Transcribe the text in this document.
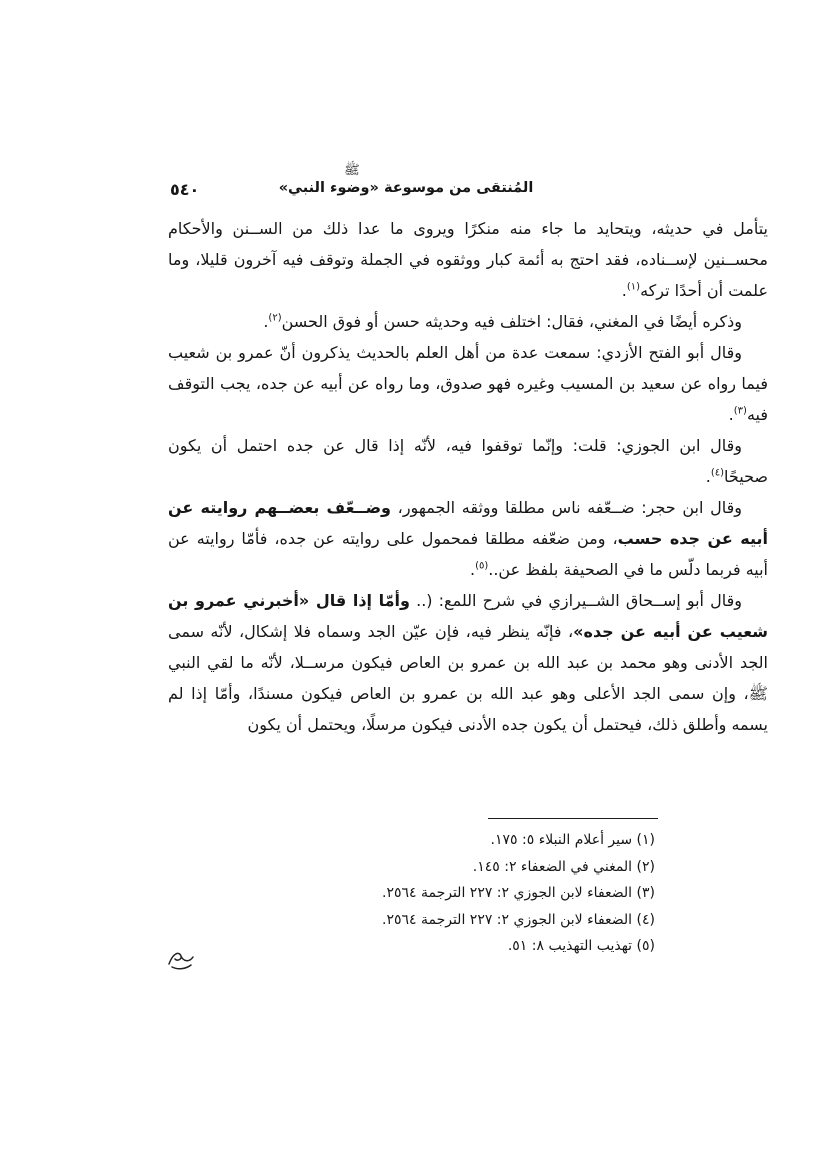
٥٤٠
ﷺ
المُنتقى من موسوعة «وضوء النبي»

يتأمل في حديثه، ويتحايد ما جاء منه منكرًا ويروى ما عدا ذلك من الســنن والأحكام محســنين لإســناده، فقد احتج به أئمة كبار ووثقوه في الجملة وتوقف فيه آخرون قليلا، وما علمت أن أحدًا تركه$^{(١)}$.

وذكره أيضًا في المغني، فقال: اختلف فيه وحديثه حسن أو فوق الحسن$^{(٢)}$.

وقال أبو الفتح الأزدي: سمعت عدة من أهل العلم بالحديث يذكرون أنّ عمرو بن شعيب فيما رواه عن سعيد بن المسيب وغيره فهو صدوق، وما رواه عن أبيه عن جده، يجب التوقف فيه$^{(٣)}$.

وقال ابن الجوزي: قلت: وإنّما توقفوا فيه، لأنّه إذا قال عن جده احتمل أن يكون صحيحًا$^{(٤)}$.

وقال ابن حجر: ضــعّفه ناس مطلقا ووثقه الجمهور، وضــعّف بعضــهم روايته عن أبيه عن جده حسب، ومن ضعّفه مطلقا فمحمول على روايته عن جده، فأمّا روايته عن أبيه فربما دلّس ما في الصحيفة بلفظ عن..$^{(٥)}$.

وقال أبو إســحاق الشــيرازي في شرح اللمع: (.. وأمّا إذا قال «أخبرني عمرو بن شعيب عن أبيه عن جده»، فإنّه ينظر فيه، فإن عيّن الجد وسماه فلا إشكال، لأنّه سمى الجد الأدنى وهو محمد بن عبد الله بن عمرو بن العاص فيكون مرســلا، لأنّه ما لقي النبي ﷺ، وإن سمى الجد الأعلى وهو عبد الله بن عمرو بن العاص فيكون مسندًا، وأمّا إذا لم يسمه وأطلق ذلك، فيحتمل أن يكون جده الأدنى فيكون مرسلًا، ويحتمل أن يكون

(١) سير أعلام النبلاء ٥: ١٧٥.
(٢) المغني في الضعفاء ٢: ١٤٥.
(٣) الضعفاء لابن الجوزي ٢: ٢٢٧ الترجمة ٢٥٦٤.
(٤) الضعفاء لابن الجوزي ٢: ٢٢٧ الترجمة ٢٥٦٤.
(٥) تهذيب التهذيب ٨: ٥١.
